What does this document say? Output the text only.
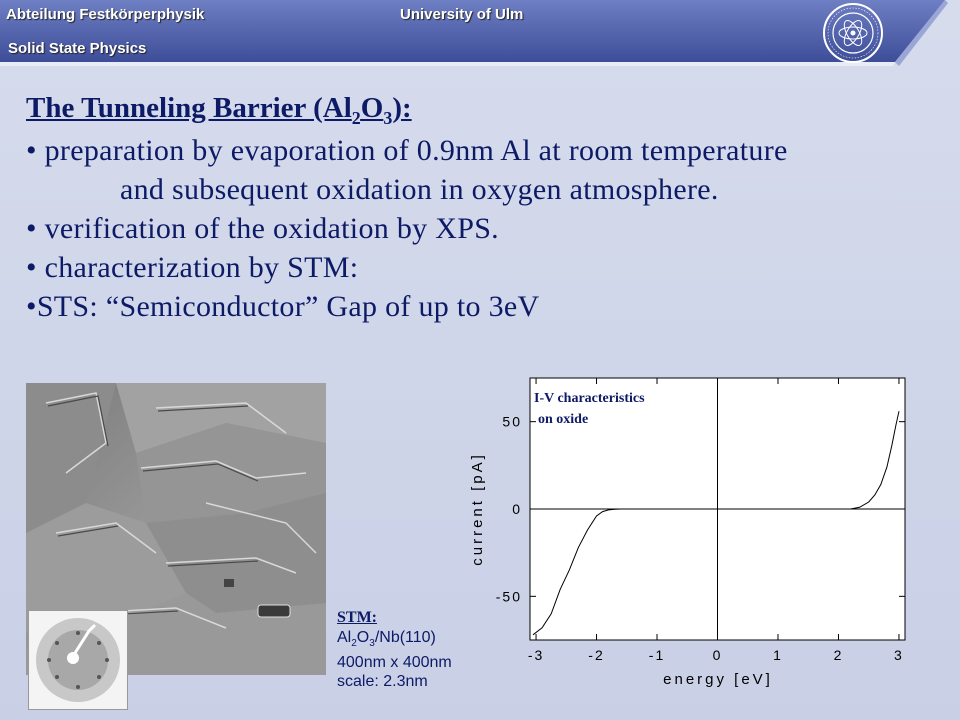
Abteilung Festkörperphysik
Solid State Physics
University of Ulm
The Tunneling Barrier $(Al_2O_3)$:
• preparation by evaporation of 0.9nm Al at room temperature
and subsequent oxidation in oxygen atmosphere.
• verification of the oxidation by XPS.
• characterization by STM:
•STS: “Semiconductor” Gap of up to 3eV
STM:
$Al_2O_3/Nb(110)$
400nm x 400nm
scale: 2.3nm
-3	-2	-1	0	1	2	3
-50
0
50
energy [eV]
current [pA]
I-V characteristics
on oxide
